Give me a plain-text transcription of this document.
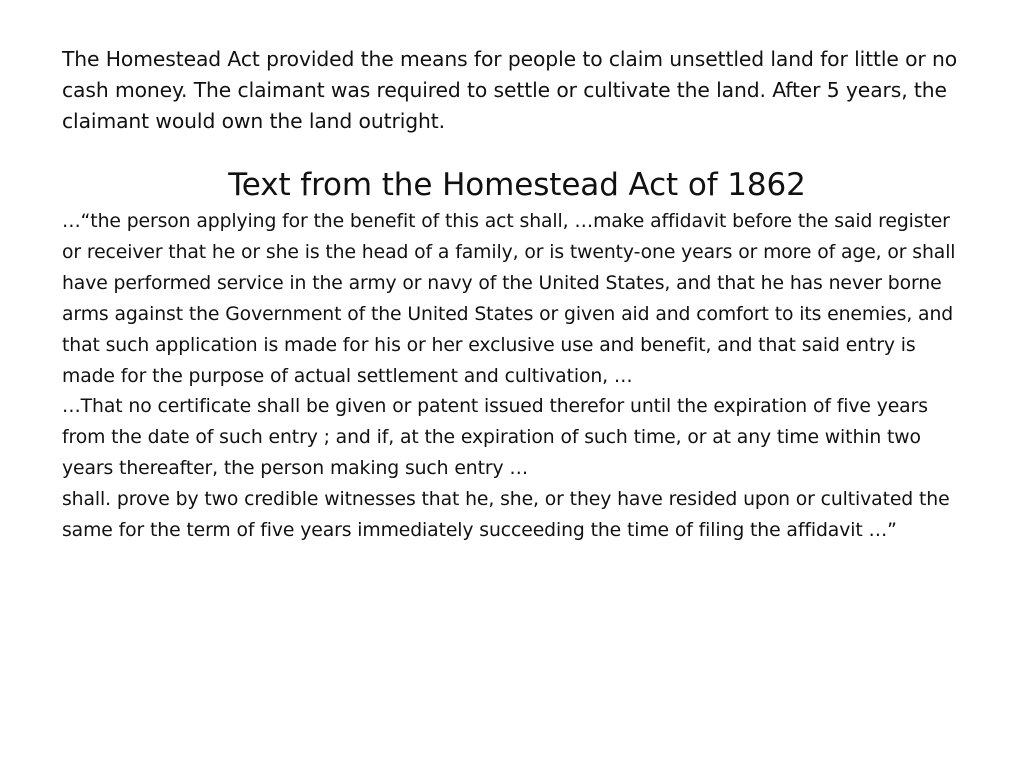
The Homestead Act provided the means for people to claim unsettled land for little or no cash money. The claimant was required to settle or cultivate the land. After 5 years, the claimant would own the land outright.

Text from the Homestead Act of 1862

…“the person applying for the benefit of this act shall, …make affidavit before the said register or receiver that he or she is the head of a family, or is twenty-one years or more of age, or shall have performed service in the army or navy of the United States, and that he has never borne arms against the Government of the United States or given aid and comfort to its enemies, and that such application is made for his or her exclusive use and benefit, and that said entry is made for the purpose of actual settlement and cultivation, …

…That no certificate shall be given or patent issued therefor until the expiration of five years from the date of such entry ; and if, at the expiration of such time, or at any time within two years thereafter, the person making such entry …

shall. prove by two credible witnesses that he, she, or they have resided upon or cultivated the same for the term of five years immediately succeeding the time of filing the affidavit …”
